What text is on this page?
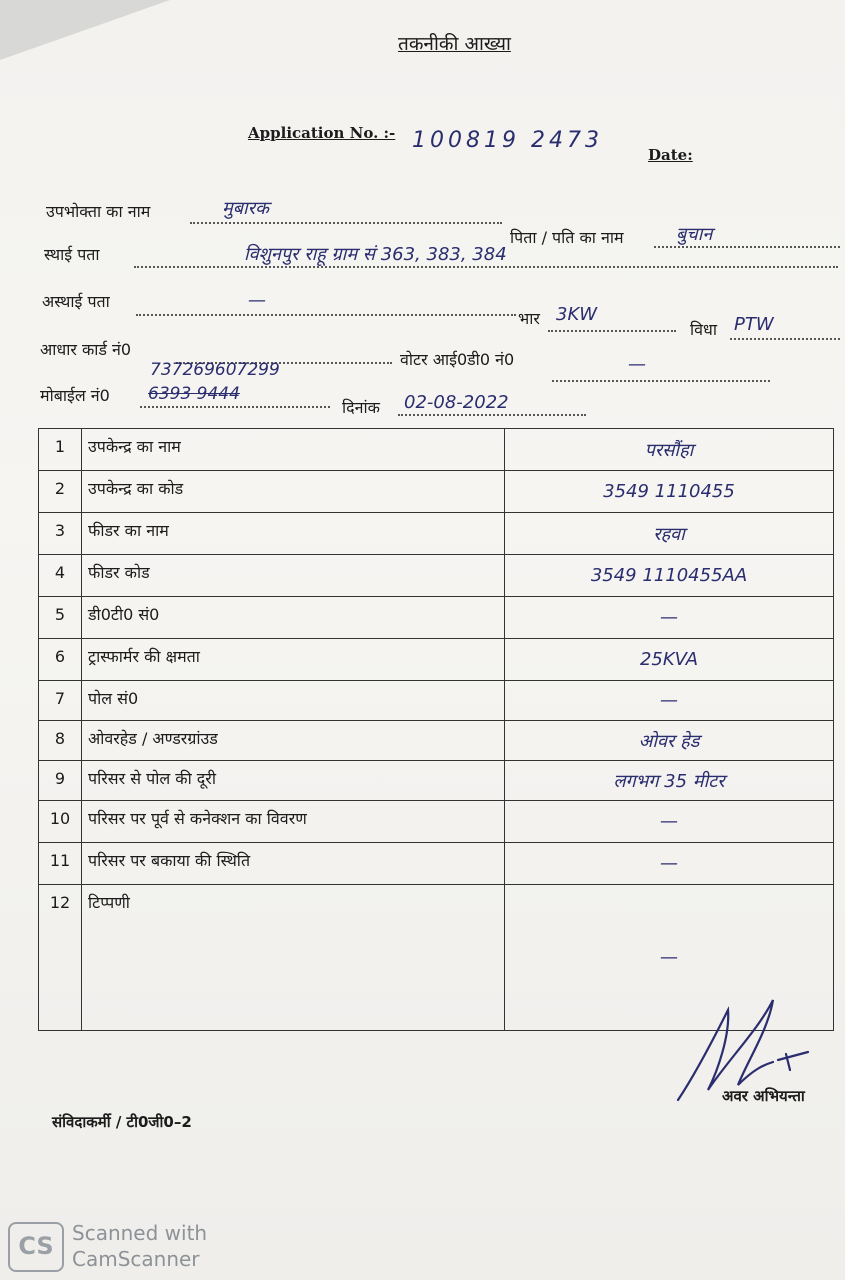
तकनीकी आख्या
Application No. :- 100819 2473
Date:
उपभोक्ता का नाम	मुबारक
पिता / पति का नाम	बुचान
स्थाई पता	विशुनपुर राहू ग्राम सं 363, 383, 384
अस्थाई पता	—
भार 3KW
विधा PTW
आधार कार्ड नं0
737269607299
वोटर आई0डी0 नं0	—
मोबाईल नं0 6393 9444
दिनांक 02-08-2022
1	उपकेन्द्र का नाम	परसौंहा
2	उपकेन्द्र का कोड	3549 1110455
3	फीडर का नाम	रहवा
4	फीडर कोड	3549 1110455AA
5	डी0टी0 सं0	—
6	ट्रास्फार्मर की क्षमता	25KVA
7	पोल सं0	—
8	ओवरहेड / अण्डरग्रांउड	ओवर हेड
9	परिसर से पोल की दूरी	लगभग 35 मीटर
10	परिसर पर पूर्व से कनेक्शन का विवरण	—
11	परिसर पर बकाया की स्थिति	—
12	टिप्पणी	—
संविदाकर्मी / टी0जी0–2
अवर अभियन्ता
CS Scanned with
CamScanner
